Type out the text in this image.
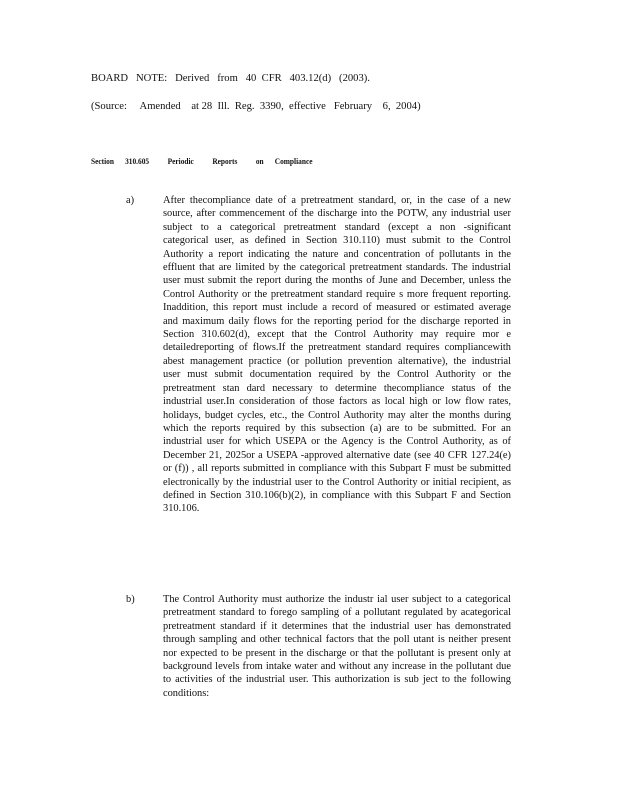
BOARD   NOTE:   Derived   from   40  CFR   403.12(d)   (2003).
(Source:     Amended    at 28  Ill.  Reg.  3390,  effective   February    6,  2004)
Section      310.605          Periodic          Reports          on      Compliance
a)	After thecompliance date of a pretreatment standard, or, in the case of a new source, after commencement of the discharge into the POTW, any industrial user subject to a categorical pretreatment standard (except a non -significant categorical user, as defined in Section 310.110) must submit to the Control Authority a report indicating the nature and concentration of pollutants in the effluent that are limited by the categorical pretreatment standards. The industrial user must submit the report during the months of June and December, unless the Control Authority or the pretreatment standard require s more frequent reporting. Inaddition, this report must include a record of measured or estimated average and maximum daily flows for the reporting period for the discharge reported in Section 310.602(d), except that the Control Authority may require mor e detailedreporting of flows.If the pretreatment standard requires compliancewith abest management practice (or pollution prevention alternative), the industrial user must submit documentation required by the Control Authority or the pretreatment stan dard necessary to determine thecompliance status of the industrial user.In consideration of those factors as local high or low flow rates, holidays, budget cycles, etc., the Control Authority may alter the months during which the reports required by this subsection (a) are to be submitted. For an industrial user for which USEPA or the Agency is the Control Authority, as of December 21, 2025or a USEPA -approved alternative date (see 40 CFR 127.24(e) or (f)) , all reports submitted in compliance with this Subpart F must be submitted electronically by the industrial user to the Control Authority or initial recipient, as defined in Section 310.106(b)(2), in compliance with this Subpart F and Section 310.106.
b)	The Control Authority must authorize the industr ial user subject to a categorical pretreatment standard to forego sampling of a pollutant regulated by acategorical pretreatment standard if it determines that the industrial user has demonstrated through sampling and other technical factors that the poll utant is neither present nor expected to be present in the discharge or that the pollutant is present only at background levels from intake water and without any increase in the pollutant due to activities of the industrial user. This authorization is sub ject to the following conditions:
